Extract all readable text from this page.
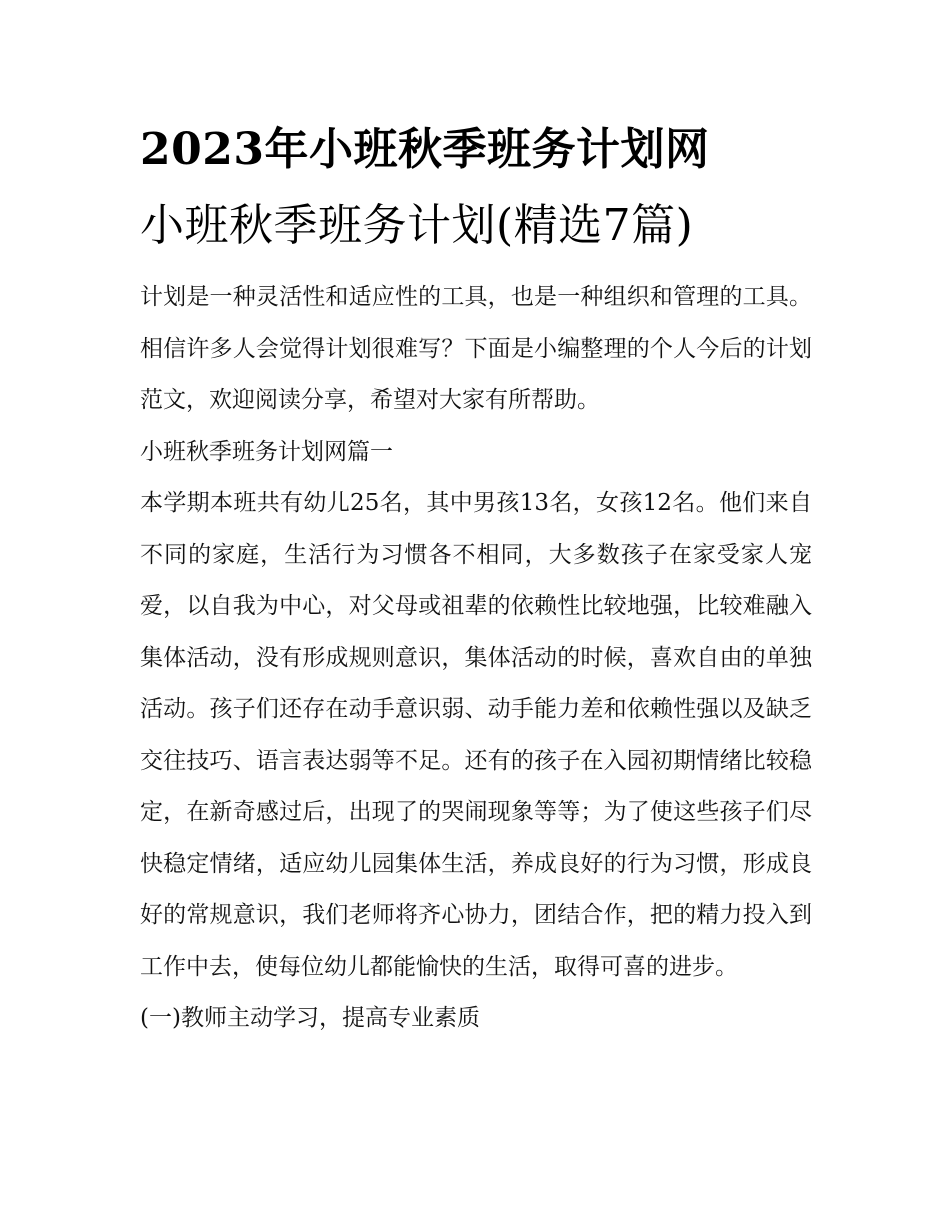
2023年小班秋季班务计划网
小班秋季班务计划(精选7篇)

计划是一种灵活性和适应性的工具，也是一种组织和管理的工具。相信许多人会觉得计划很难写？下面是小编整理的个人今后的计划范文，欢迎阅读分享，希望对大家有所帮助。

小班秋季班务计划网篇一

本学期本班共有幼儿25名，其中男孩13名，女孩12名。他们来自不同的家庭，生活行为习惯各不相同，大多数孩子在家受家人宠爱，以自我为中心，对父母或祖辈的依赖性比较地强，比较难融入集体活动，没有形成规则意识，集体活动的时候，喜欢自由的单独活动。孩子们还存在动手意识弱、动手能力差和依赖性强以及缺乏交往技巧、语言表达弱等不足。还有的孩子在入园初期情绪比较稳定，在新奇感过后，出现了的哭闹现象等等；为了使这些孩子们尽快稳定情绪，适应幼儿园集体生活，养成良好的行为习惯，形成良好的常规意识，我们老师将齐心协力，团结合作，把的精力投入到工作中去，使每位幼儿都能愉快的生活，取得可喜的进步。

(一)教师主动学习，提高专业素质
